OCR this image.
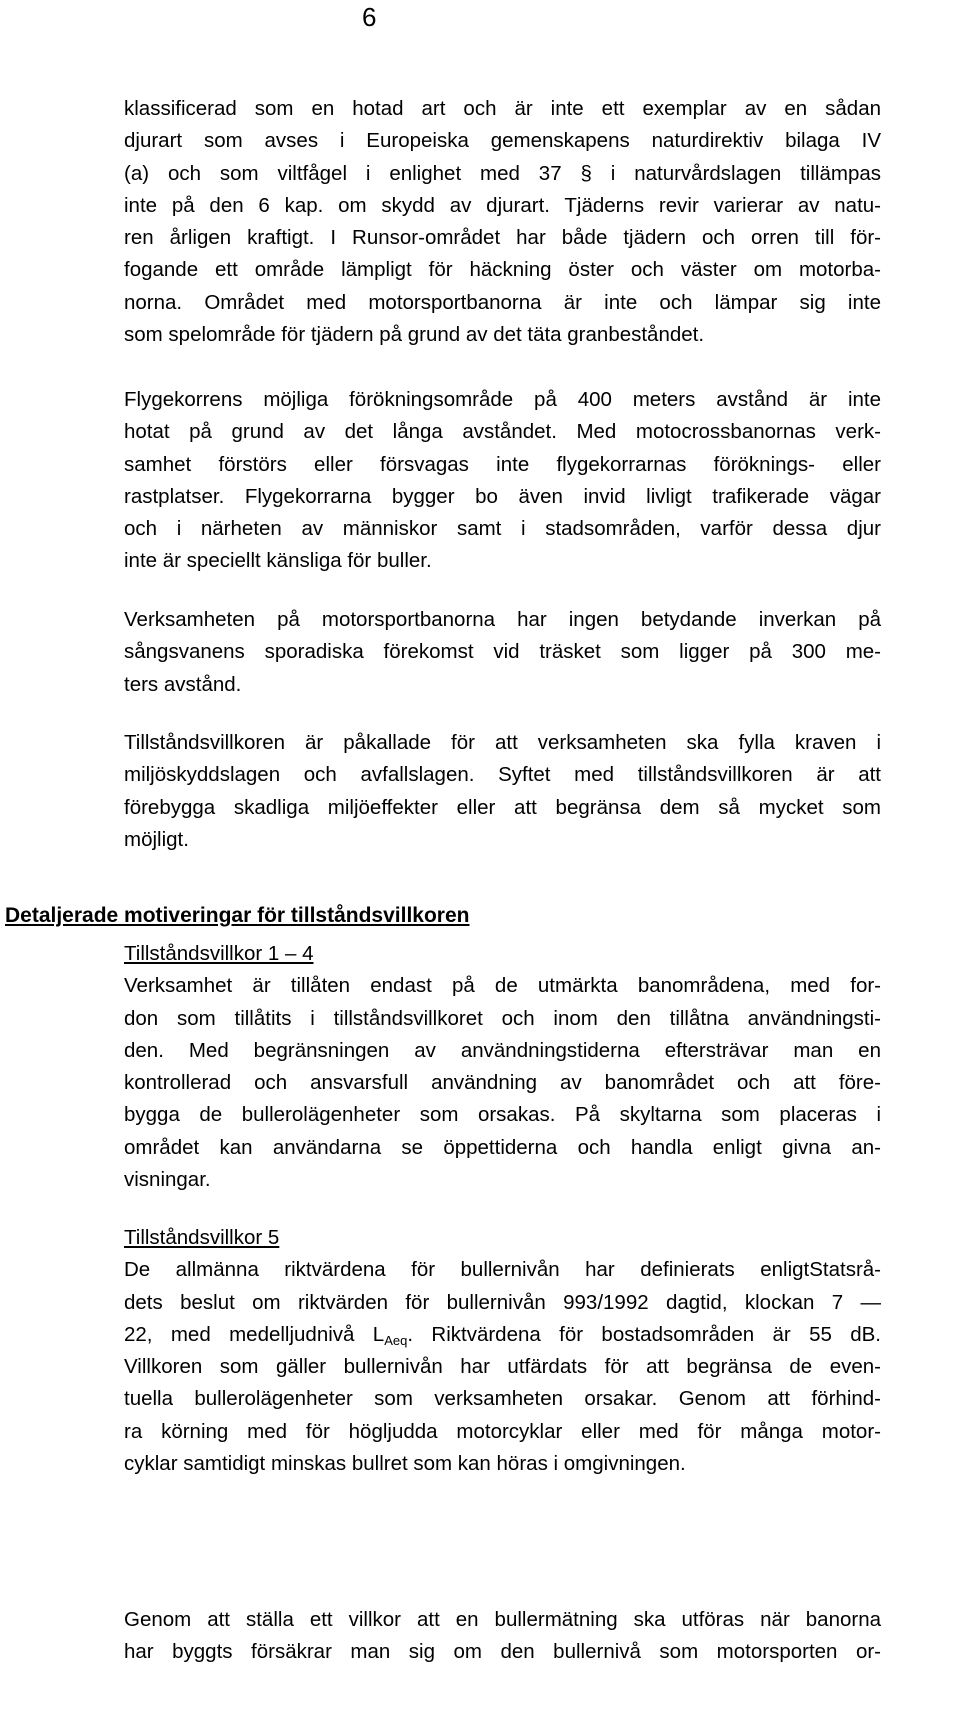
6
klassificerad som en hotad art och är inte ett exemplar av en sådan
djurart som avses i Europeiska gemenskapens naturdirektiv bilaga IV
(a) och som viltfågel i enlighet med 37 § i naturvårdslagen tillämpas
inte på den 6 kap. om skydd av djurart. Tjäderns revir varierar av natu-
ren årligen kraftigt. I Runsor-området har både tjädern och orren till för-
fogande ett område lämpligt för häckning öster och väster om motorba-
norna. Området med motorsportbanorna är inte och lämpar sig inte
som spelområde för tjädern på grund av det täta granbeståndet.
Flygekorrens möjliga förökningsområde på 400 meters avstånd är inte
hotat på grund av det långa avståndet. Med motocrossbanornas verk-
samhet förstörs eller försvagas inte flygekorrarnas föröknings- eller
rastplatser. Flygekorrarna bygger bo även invid livligt trafikerade vägar
och i närheten av människor samt i stadsområden, varför dessa djur
inte är speciellt känsliga för buller.
Verksamheten på motorsportbanorna har ingen betydande inverkan på
sångsvanens sporadiska förekomst vid träsket som ligger på 300 me-
ters avstånd.
Tillståndsvillkoren är påkallade för att verksamheten ska fylla kraven i
miljöskyddslagen och avfallslagen. Syftet med tillståndsvillkoren är att
förebygga skadliga miljöeffekter eller att begränsa dem så mycket som
möjligt.
Detaljerade motiveringar för tillståndsvillkoren
Tillståndsvillkor 1 – 4
Verksamhet är tillåten endast på de utmärkta banområdena, med for-
don som tillåtits i tillståndsvillkoret och inom den tillåtna användningsti-
den. Med begränsningen av användningstiderna eftersträvar man en
kontrollerad och ansvarsfull användning av banområdet och att före-
bygga de bullerolägenheter som orsakas. På skyltarna som placeras i
området kan användarna se öppettiderna och handla enligt givna an-
visningar.
Tillståndsvillkor 5
De allmänna riktvärdena för bullernivån har definierats enligtStatsrå-
dets beslut om riktvärden för bullernivån 993/1992 dagtid, klockan 7 —
22, med medelljudnivå $L_{Aeq}$. Riktvärdena för bostadsområden är 55 dB.
Villkoren som gäller bullernivån har utfärdats för att begränsa de even-
tuella bullerolägenheter som verksamheten orsakar. Genom att förhind-
ra körning med för högljudda motorcyklar eller med för många motor-
cyklar samtidigt minskas bullret som kan höras i omgivningen.
Genom att ställa ett villkor att en bullermätning ska utföras när banorna
har byggts försäkrar man sig om den bullernivå som motorsporten or-
